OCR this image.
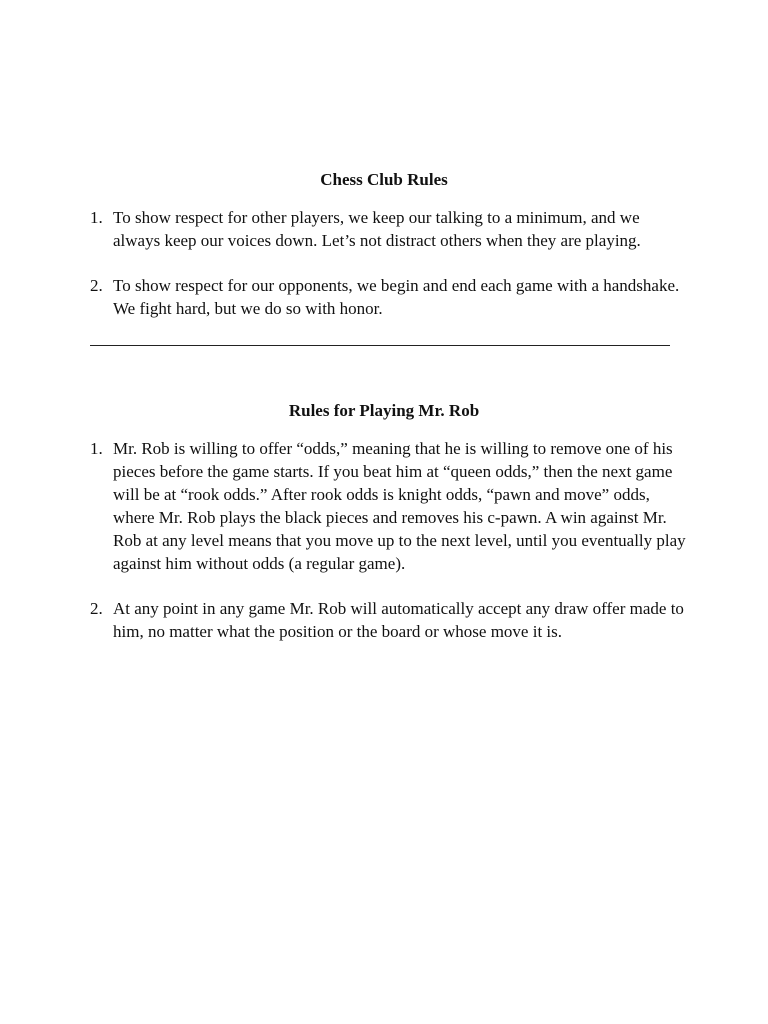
Chess Club Rules
1. To show respect for other players, we keep our talking to a minimum, and we always keep our voices down. Let’s not distract others when they are playing.
2. To show respect for our opponents, we begin and end each game with a handshake. We fight hard, but we do so with honor.
Rules for Playing Mr. Rob
1. Mr. Rob is willing to offer “odds,” meaning that he is willing to remove one of his pieces before the game starts. If you beat him at “queen odds,” then the next game will be at “rook odds.” After rook odds is knight odds, “pawn and move” odds, where Mr. Rob plays the black pieces and removes his c-pawn. A win against Mr. Rob at any level means that you move up to the next level, until you eventually play against him without odds (a regular game).
2. At any point in any game Mr. Rob will automatically accept any draw offer made to him, no matter what the position or the board or whose move it is.
